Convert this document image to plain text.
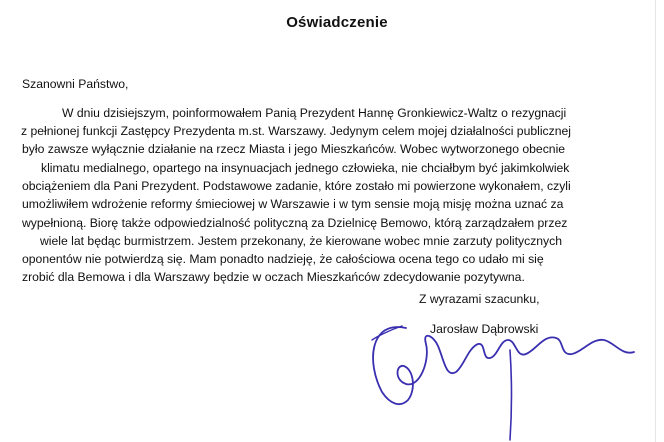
Oświadczenie
Szanowni Państwo,
W dniu dzisiejszym, poinformowałem Panią Prezydent Hannę Gronkiewicz-Waltz o rezygnacji
z pełnionej funkcji Zastępcy Prezydenta m.st. Warszawy. Jedynym celem mojej działalności publicznej
było zawsze wyłącznie działanie na rzecz Miasta i jego Mieszkańców. Wobec wytworzonego obecnie
klimatu medialnego, opartego na insynuacjach jednego człowieka, nie chciałbym być jakimkolwiek
obciążeniem dla Pani Prezydent. Podstawowe zadanie, które zostało mi powierzone wykonałem, czyli
umożliwiłem wdrożenie reformy śmieciowej w Warszawie i w tym sensie moją misję można uznać za
wypełnioną. Biorę także odpowiedzialność polityczną za Dzielnicę Bemowo, którą zarządzałem przez
wiele lat będąc burmistrzem. Jestem przekonany, że kierowane wobec mnie zarzuty politycznych
oponentów nie potwierdzą się. Mam ponadto nadzieję, że całościowa ocena tego co udało mi się
zrobić dla Bemowa i dla Warszawy będzie w oczach Mieszkańców zdecydowanie pozytywna.
Z wyrazami szacunku,
Jarosław Dąbrowski
